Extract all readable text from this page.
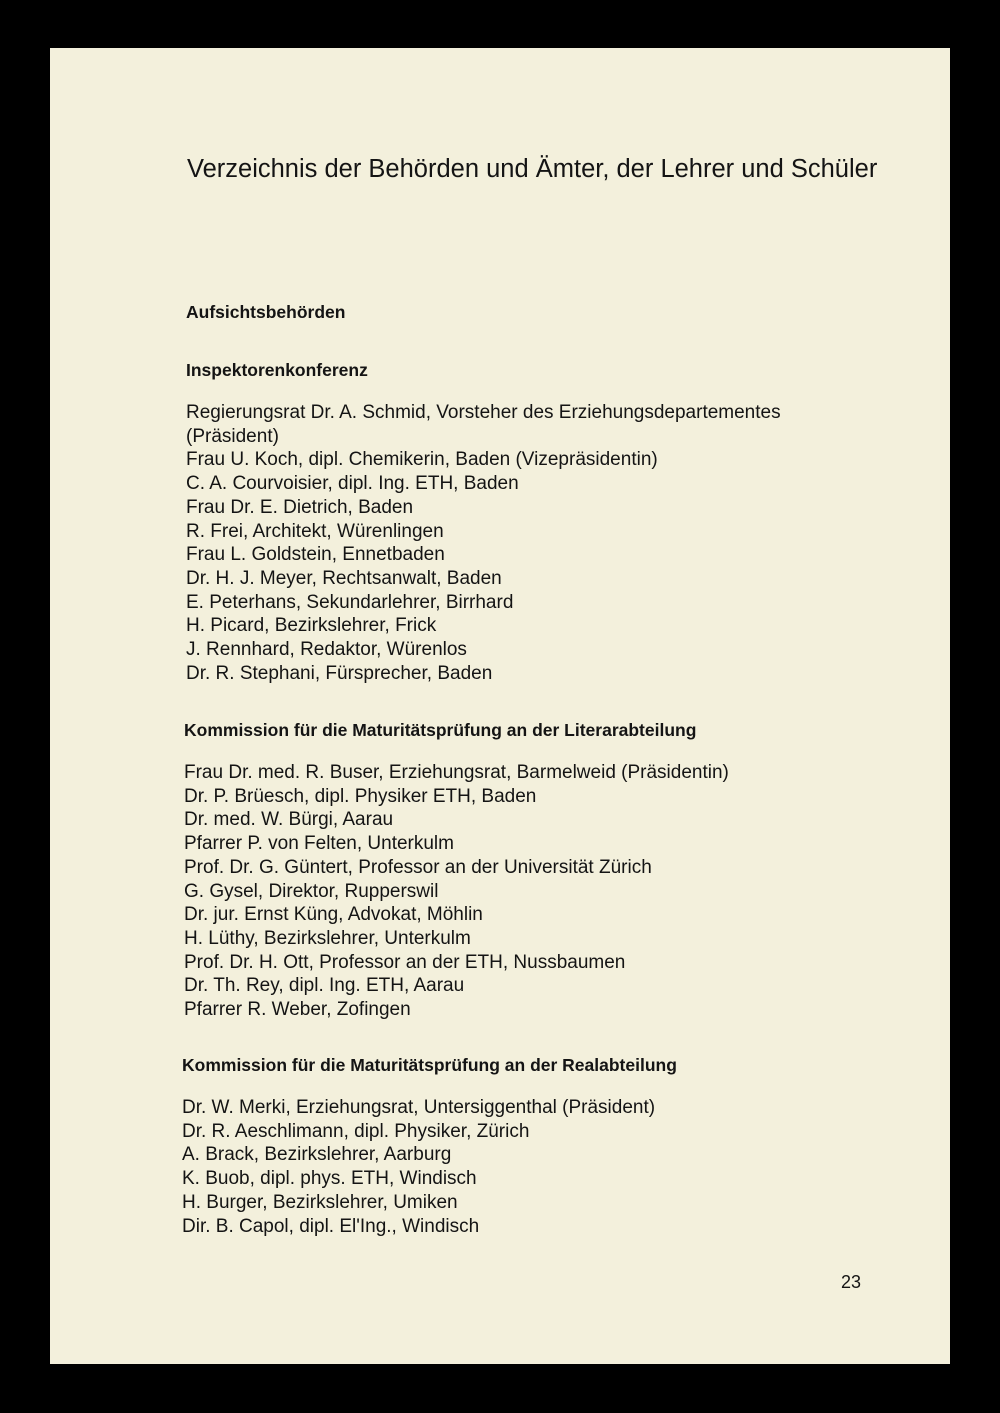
Verzeichnis der Behörden und Ämter, der Lehrer und Schüler
Aufsichtsbehörden
Inspektorenkonferenz
Regierungsrat Dr. A. Schmid, Vorsteher des Erziehungsdepartementes
(Präsident)
Frau U. Koch, dipl. Chemikerin, Baden (Vizepräsidentin)
C. A. Courvoisier, dipl. Ing. ETH, Baden
Frau Dr. E. Dietrich, Baden
R. Frei, Architekt, Würenlingen
Frau L. Goldstein, Ennetbaden
Dr. H. J. Meyer, Rechtsanwalt, Baden
E. Peterhans, Sekundarlehrer, Birrhard
H. Picard, Bezirkslehrer, Frick
J. Rennhard, Redaktor, Würenlos
Dr. R. Stephani, Fürsprecher, Baden
Kommission für die Maturitätsprüfung an der Literarabteilung
Frau Dr. med. R. Buser, Erziehungsrat, Barmelweid (Präsidentin)
Dr. P. Brüesch, dipl. Physiker ETH, Baden
Dr. med. W. Bürgi, Aarau
Pfarrer P. von Felten, Unterkulm
Prof. Dr. G. Güntert, Professor an der Universität Zürich
G. Gysel, Direktor, Rupperswil
Dr. jur. Ernst Küng, Advokat, Möhlin
H. Lüthy, Bezirkslehrer, Unterkulm
Prof. Dr. H. Ott, Professor an der ETH, Nussbaumen
Dr. Th. Rey, dipl. Ing. ETH, Aarau
Pfarrer R. Weber, Zofingen
Kommission für die Maturitätsprüfung an der Realabteilung
Dr. W. Merki, Erziehungsrat, Untersiggenthal (Präsident)
Dr. R. Aeschlimann, dipl. Physiker, Zürich
A. Brack, Bezirkslehrer, Aarburg
K. Buob, dipl. phys. ETH, Windisch
H. Burger, Bezirkslehrer, Umiken
Dir. B. Capol, dipl. El'Ing., Windisch
23
